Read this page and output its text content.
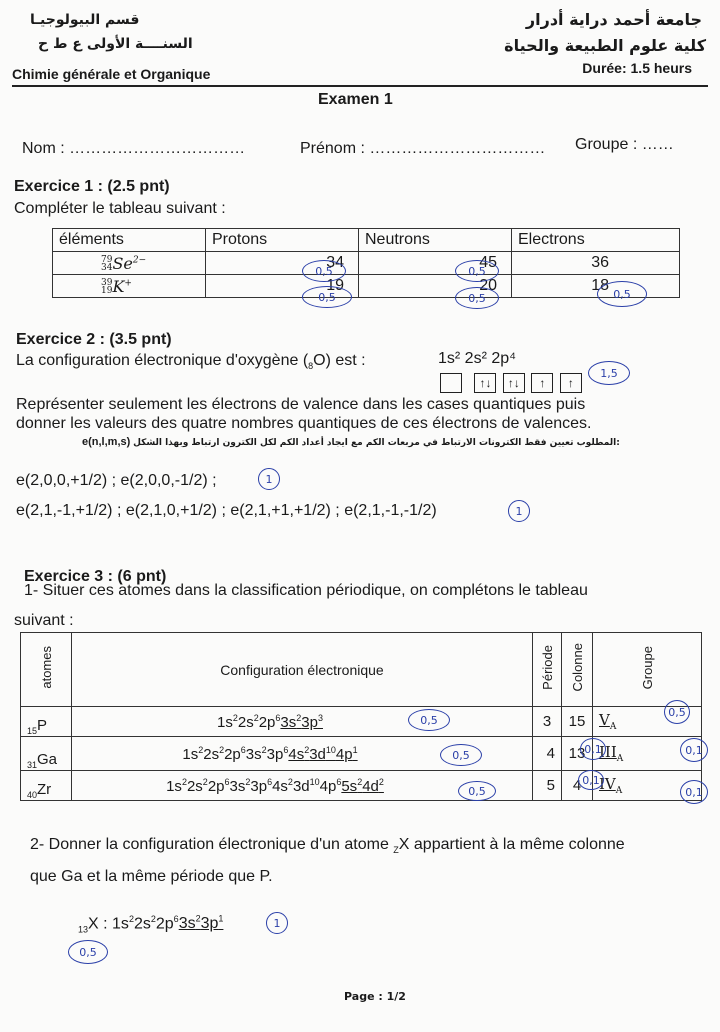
قسم البيولوجيـا
السنــــة الأولى ع ط ح
جامعة أحمد دراية أدرار
كلية علوم الطبيعة والحياة
Chimie générale et Organique	Durée: 1.5 heurs
Examen 1
Nom : ……………………………	Prénom : …………………………… Groupe : ……
Exercice 1 : (2.5 pnt)
Compléter le tableau suivant :
éléments	Protons	Neutrons	Electrons
79
$34Se^{2-}$	34	45	36
39
19K+	19	20	18
0,5	0,5
0,5	0,5	0,5
Exercice 2 : (3.5 pnt)
La configuration électronique d'oxygène $(_8O)$ est :	1s² 2s² 2p⁴
1,5
↑↓ ↑↓ ↑ ↑
Représenter seulement les électrons de valence dans les cases quantiques puis
donner les valeurs des quatre nombres quantiques de ces électrons de valences.
e(n,l,m,s) المطلوب تعيين فقط الكترونات الارتباط في مربعات الكم مع ايجاد أعداد الكم لكل الكترون ارتباط وبهذا الشكل:
e(2,0,0,+1/2) ; e(2,0,0,-1/2) ;	1
e(2,1,-1,+1/2) ; e(2,1,0,+1/2) ; e(2,1,+1,+1/2) ; e(2,1,-1,-1/2)	1
Exercice 3 : (6 pnt)
1- Situer ces atomes dans la classification périodique, on complétons le tableau
suivant :
atomes	Configuration électronique	Période	Colonne	Groupe
$_{15}$P	$1s^22s^22p^63s^23p^3$	3	15	$V_A$
$_{31}$Ga	$1s^22s^22p^63s^23p^64s^23d^{10}4p^1$	4	13	$III_A$
$_{40}$Zr	$1s^22s^22p^63s^23p^64s^23d^{10}4p^65s^24d^2$	5	4	$IV_A$
0,5
0,5
0,5	0,1	0,1
0,5
0,1
0,1
2- Donner la configuration électronique d'un atome $_Z$X appartient à la même colonne
que Ga et la même période que P.
$_{13}$X : $1s^22s^22p^63s^23p^1$	1
0,5
Page : 1/2
